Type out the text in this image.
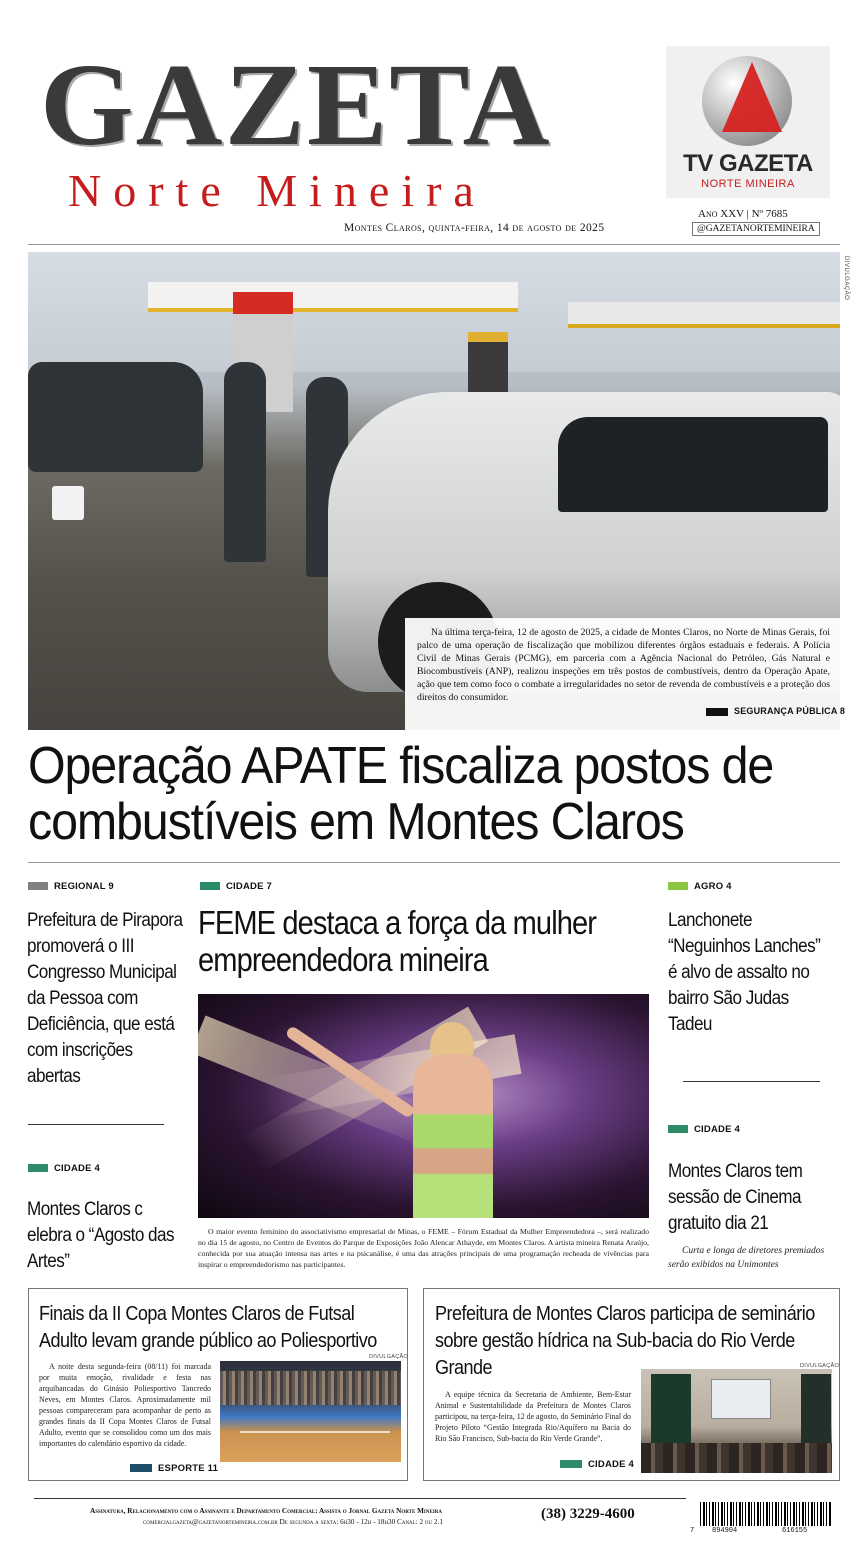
GAZETA
Norte Mineira
Montes Claros, quinta-feira, 14 de agosto de 2025
TV GAZETA
NORTE MINEIRA
Ano XXV | Nº 7685
@GAZETANORTEMINEIRA
DIVULGAÇÃO

Na última terça-feira, 12 de agosto de 2025, a cidade de Montes Claros, no Norte de Minas Gerais, foi palco de uma operação de fiscalização que mobilizou diferentes órgãos estaduais e federais. A Polícia Civil de Minas Gerais (PCMG), em parceria com a Agência Nacional do Petróleo, Gás Natural e Biocombustíveis (ANP), realizou inspeções em três postos de combustíveis, dentro da Operação Apate, ação que tem como foco o combate a irregularidades no setor de revenda de combustíveis e a proteção dos direitos do consumidor.

SEGURANÇA PÚBLICA 8
Operação APATE fiscaliza postos de
combustíveis em Montes Claros
REGIONAL 9
Prefeitura de Pirapora promoverá o III Congresso Municipal da Pessoa com Deficiência, que está com inscrições abertas
CIDADE 4
Montes Claros c elebra o “Agosto das Artes”
CIDADE 7
FEME destaca a força da mulher empreendedora mineira

O maior evento feminino do associativismo empresarial de Minas, o FEME – Fórum Estadual da Mulher Empreendedora –, será realizado no dia 15 de agosto, no Centro de Eventos do Parque de Exposições João Alencar Athayde, em Montes Claros. A artista mineira Renata Araújo, conhecida por sua atuação intensa nas artes e na psicanálise, é uma das atrações principais de uma programação recheada de vivências para inspirar o empreendedorismo nas participantes.

AGRO 4
Lanchonete “Neguinhos Lanches” é alvo de assalto no bairro São Judas Tadeu
CIDADE 4
Montes Claros tem sessão de Cinema gratuito dia 21

Curta e longa de diretores premiados serão exibidos na Unimontes

Finais da II Copa Montes Claros de Futsal Adulto levam grande público ao Poliesportivo
DIVULGAÇÃO

A noite desta segunda-feira (08/11) foi marcada por muita emoção, rivalidade e festa nas arquibancadas do Ginásio Poliesportivo Tancredo Neves, em Montes Claros. Aproximadamente mil pessoas compareceram para acompanhar de perto as grandes finais da II Copa Montes Claros de Futsal Adulto, evento que se consolidou como um dos mais importantes do calendário esportivo da cidade.

ESPORTE 11
Prefeitura de Montes Claros participa de seminário sobre gestão hídrica na Sub-bacia do Rio Verde Grande	DIVULGAÇÃO

A equipe técnica da Secretaria de Ambiente, Bem-Estar Animal e Sustentabilidade da Prefeitura de Montes Claros participou, na terça-feira, 12 de agosto, do Seminário Final do Projeto Piloto “Gestão Integrada Rio/Aquífero na Bacia do Rio São Francisco, Sub-bacia do Rio Verde Grande”.

CIDADE 4
Assinatura, Relacionamento com o Assinante e Departamento Comercial: Assista o Jornal Gazeta Norte Mineira
comercialgazeta@gazetanortemineira.com.br De segunda a sexta: 6h30 - 12h - 18h30 Canal: 2 ou 2.1	(38) 3229-4600
7	894904	616155
